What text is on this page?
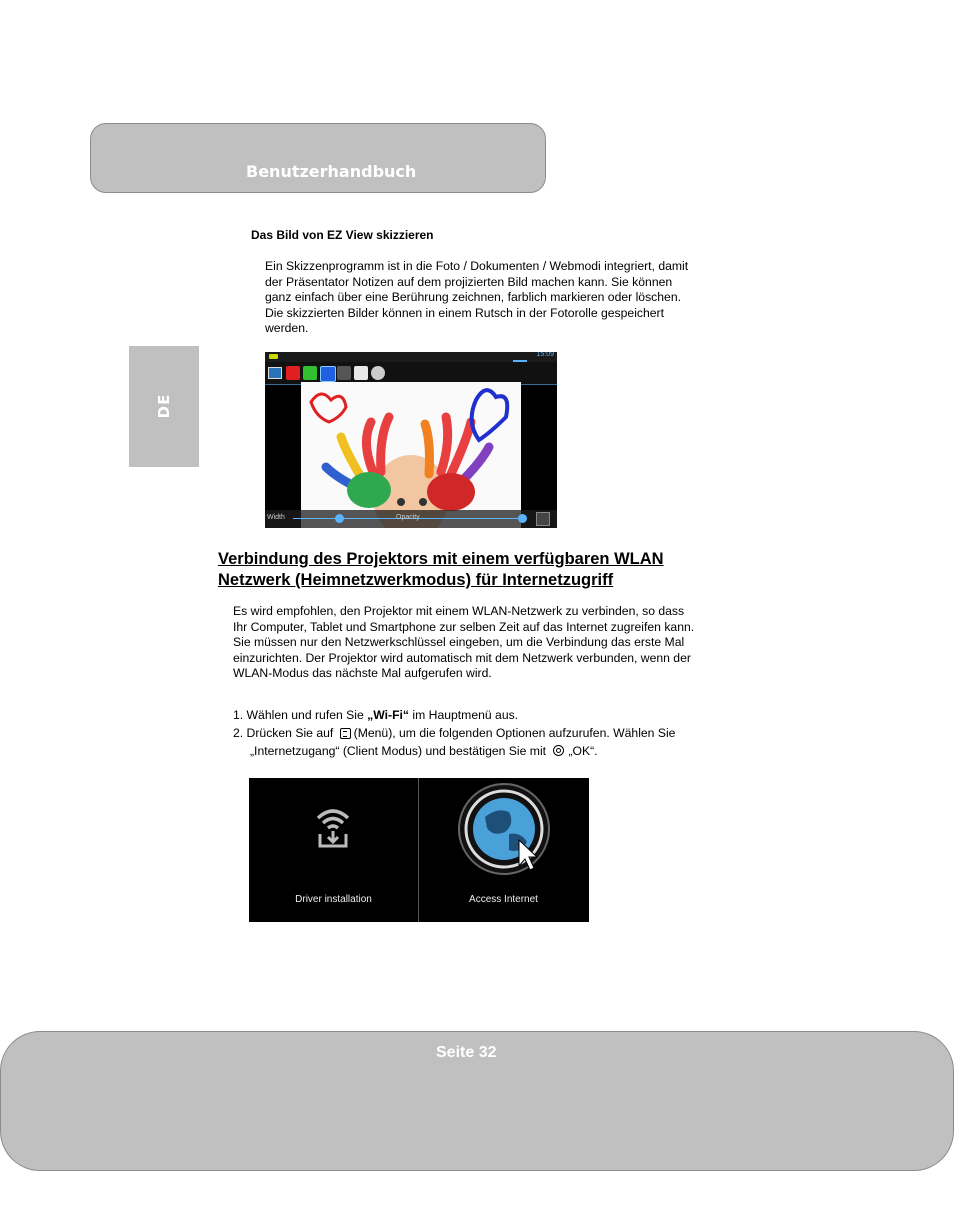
Benutzerhandbuch
DE
Das Bild von EZ View skizzieren
Ein Skizzenprogramm ist in die Foto / Dokumenten / Webmodi integriert, damit
der Präsentator Notizen auf dem projizierten Bild machen kann. Sie können
ganz einfach über eine Berührung zeichnen, farblich markieren oder löschen.
Die skizzierten Bilder können in einem Rutsch in der Fotorolle gespeichert
werden.
15:09
Width	Opacity
Verbindung des Projektors mit einem verfügbaren WLAN
Netzwerk (Heimnetzwerkmodus) für Internetzugriff
Es wird empfohlen, den Projektor mit einem WLAN-Netzwerk zu verbinden, so dass
Ihr Computer, Tablet und Smartphone zur selben Zeit auf das Internet zugreifen kann.
Sie müssen nur den Netzwerkschlüssel eingeben, um die Verbindung das erste Mal
einzurichten. Der Projektor wird automatisch mit dem Netzwerk verbunden, wenn der
WLAN-Modus das nächste Mal aufgerufen wird.
1. Wählen und rufen Sie „Wi-Fi“ im Hauptmenü aus.
2. Drücken Sie auf (Menü), um die folgenden Optionen aufzurufen. Wählen Sie
„Internetzugang“ (Client Modus) und bestätigen Sie mit „OK“.
Driver installation	Access Internet
Seite 32
